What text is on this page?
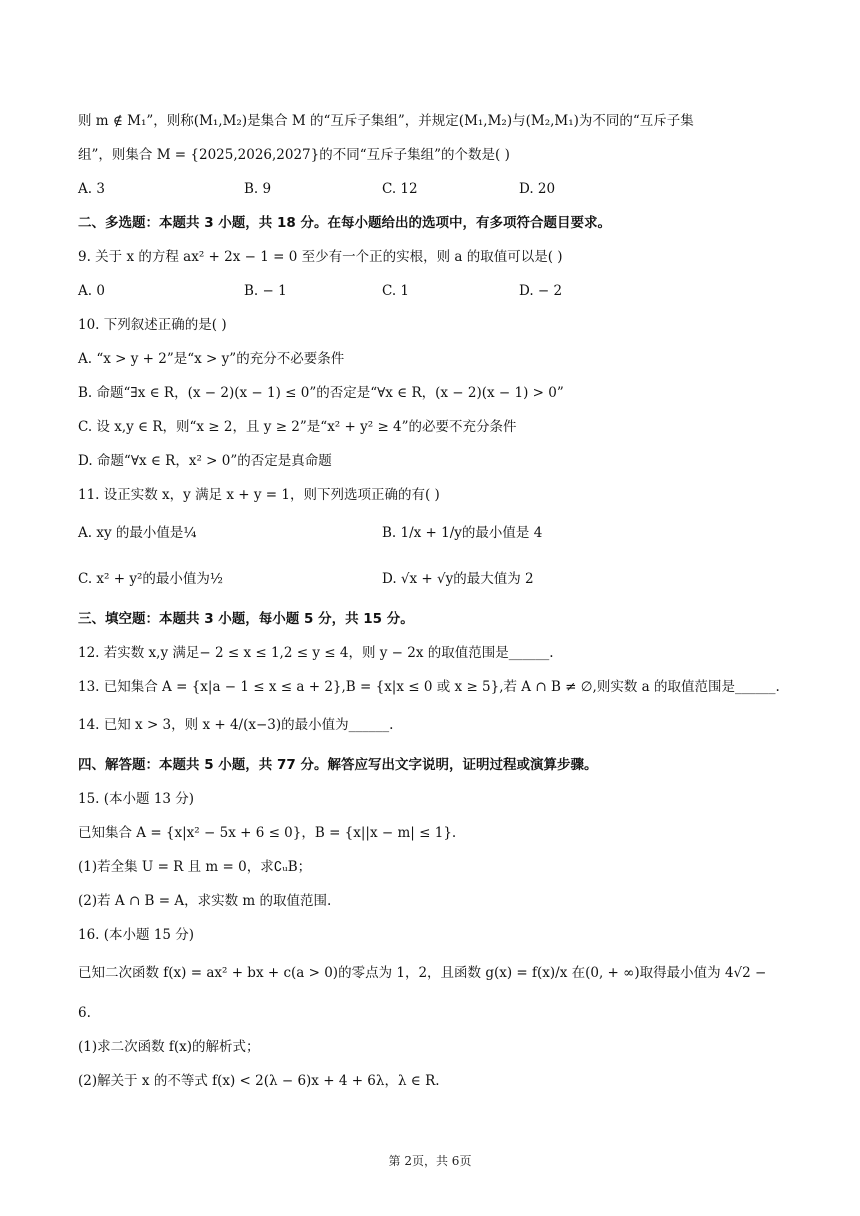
则 m ∉ M₁”，则称(M₁,M₂)是集合 M 的“互斥子集组”，并规定(M₁,M₂)与(M₂,M₁)为不同的“互斥子集
组”，则集合 M = {2025,2026,2027}的不同“互斥子集组”的个数是( )
A. 3	B. 9	C. 12	D. 20
二、多选题：本题共 3 小题，共 18 分。在每小题给出的选项中，有多项符合题目要求。
9. 关于 x 的方程 ax² + 2x − 1 = 0 至少有一个正的实根，则 a 的取值可以是( )
A. 0	B. − 1	C. 1	D. − 2
10. 下列叙述正确的是( )
A. “x > y + 2”是“x > y”的充分不必要条件
B. 命题“∃x ∈ R，(x − 2)(x − 1) ≤ 0”的否定是“∀x ∈ R，(x − 2)(x − 1) > 0”
C. 设 x,y ∈ R，则“x ≥ 2，且 y ≥ 2”是“x² + y² ≥ 4”的必要不充分条件
D. 命题“∀x ∈ R，x² > 0”的否定是真命题
11. 设正实数 x，y 满足 x + y = 1，则下列选项正确的有( )
A. xy 的最小值是¼	B. 1/x + 1/y的最小值是 4
C. x² + y²的最小值为½	D. √x + √y的最大值为 2
三、填空题：本题共 3 小题，每小题 5 分，共 15 分。
12. 若实数 x,y 满足− 2 ≤ x ≤ 1,2 ≤ y ≤ 4，则 y − 2x 的取值范围是______.
13. 已知集合 A = {x|a − 1 ≤ x ≤ a + 2},B = {x|x ≤ 0 或 x ≥ 5},若 A ∩ B ≠ ∅,则实数 a 的取值范围是______.
14. 已知 x > 3，则 x + 4/(x−3)的最小值为______.
四、解答题：本题共 5 小题，共 77 分。解答应写出文字说明，证明过程或演算步骤。
15. (本小题 13 分)
已知集合 A = {x|x² − 5x + 6 ≤ 0}，B = {x||x − m| ≤ 1}.
(1)若全集 U = R 且 m = 0，求∁ᵤB；
(2)若 A ∩ B = A，求实数 m 的取值范围.
16. (本小题 15 分)
已知二次函数 f(x) = ax² + bx + c(a > 0)的零点为 1，2，且函数 g(x) = f(x)/x 在(0, + ∞)取得最小值为 4√2 −
6.
(1)求二次函数 f(x)的解析式；
(2)解关于 x 的不等式 f(x) < 2(λ − 6)x + 4 + 6λ，λ ∈ R.
第 2页，共 6页
